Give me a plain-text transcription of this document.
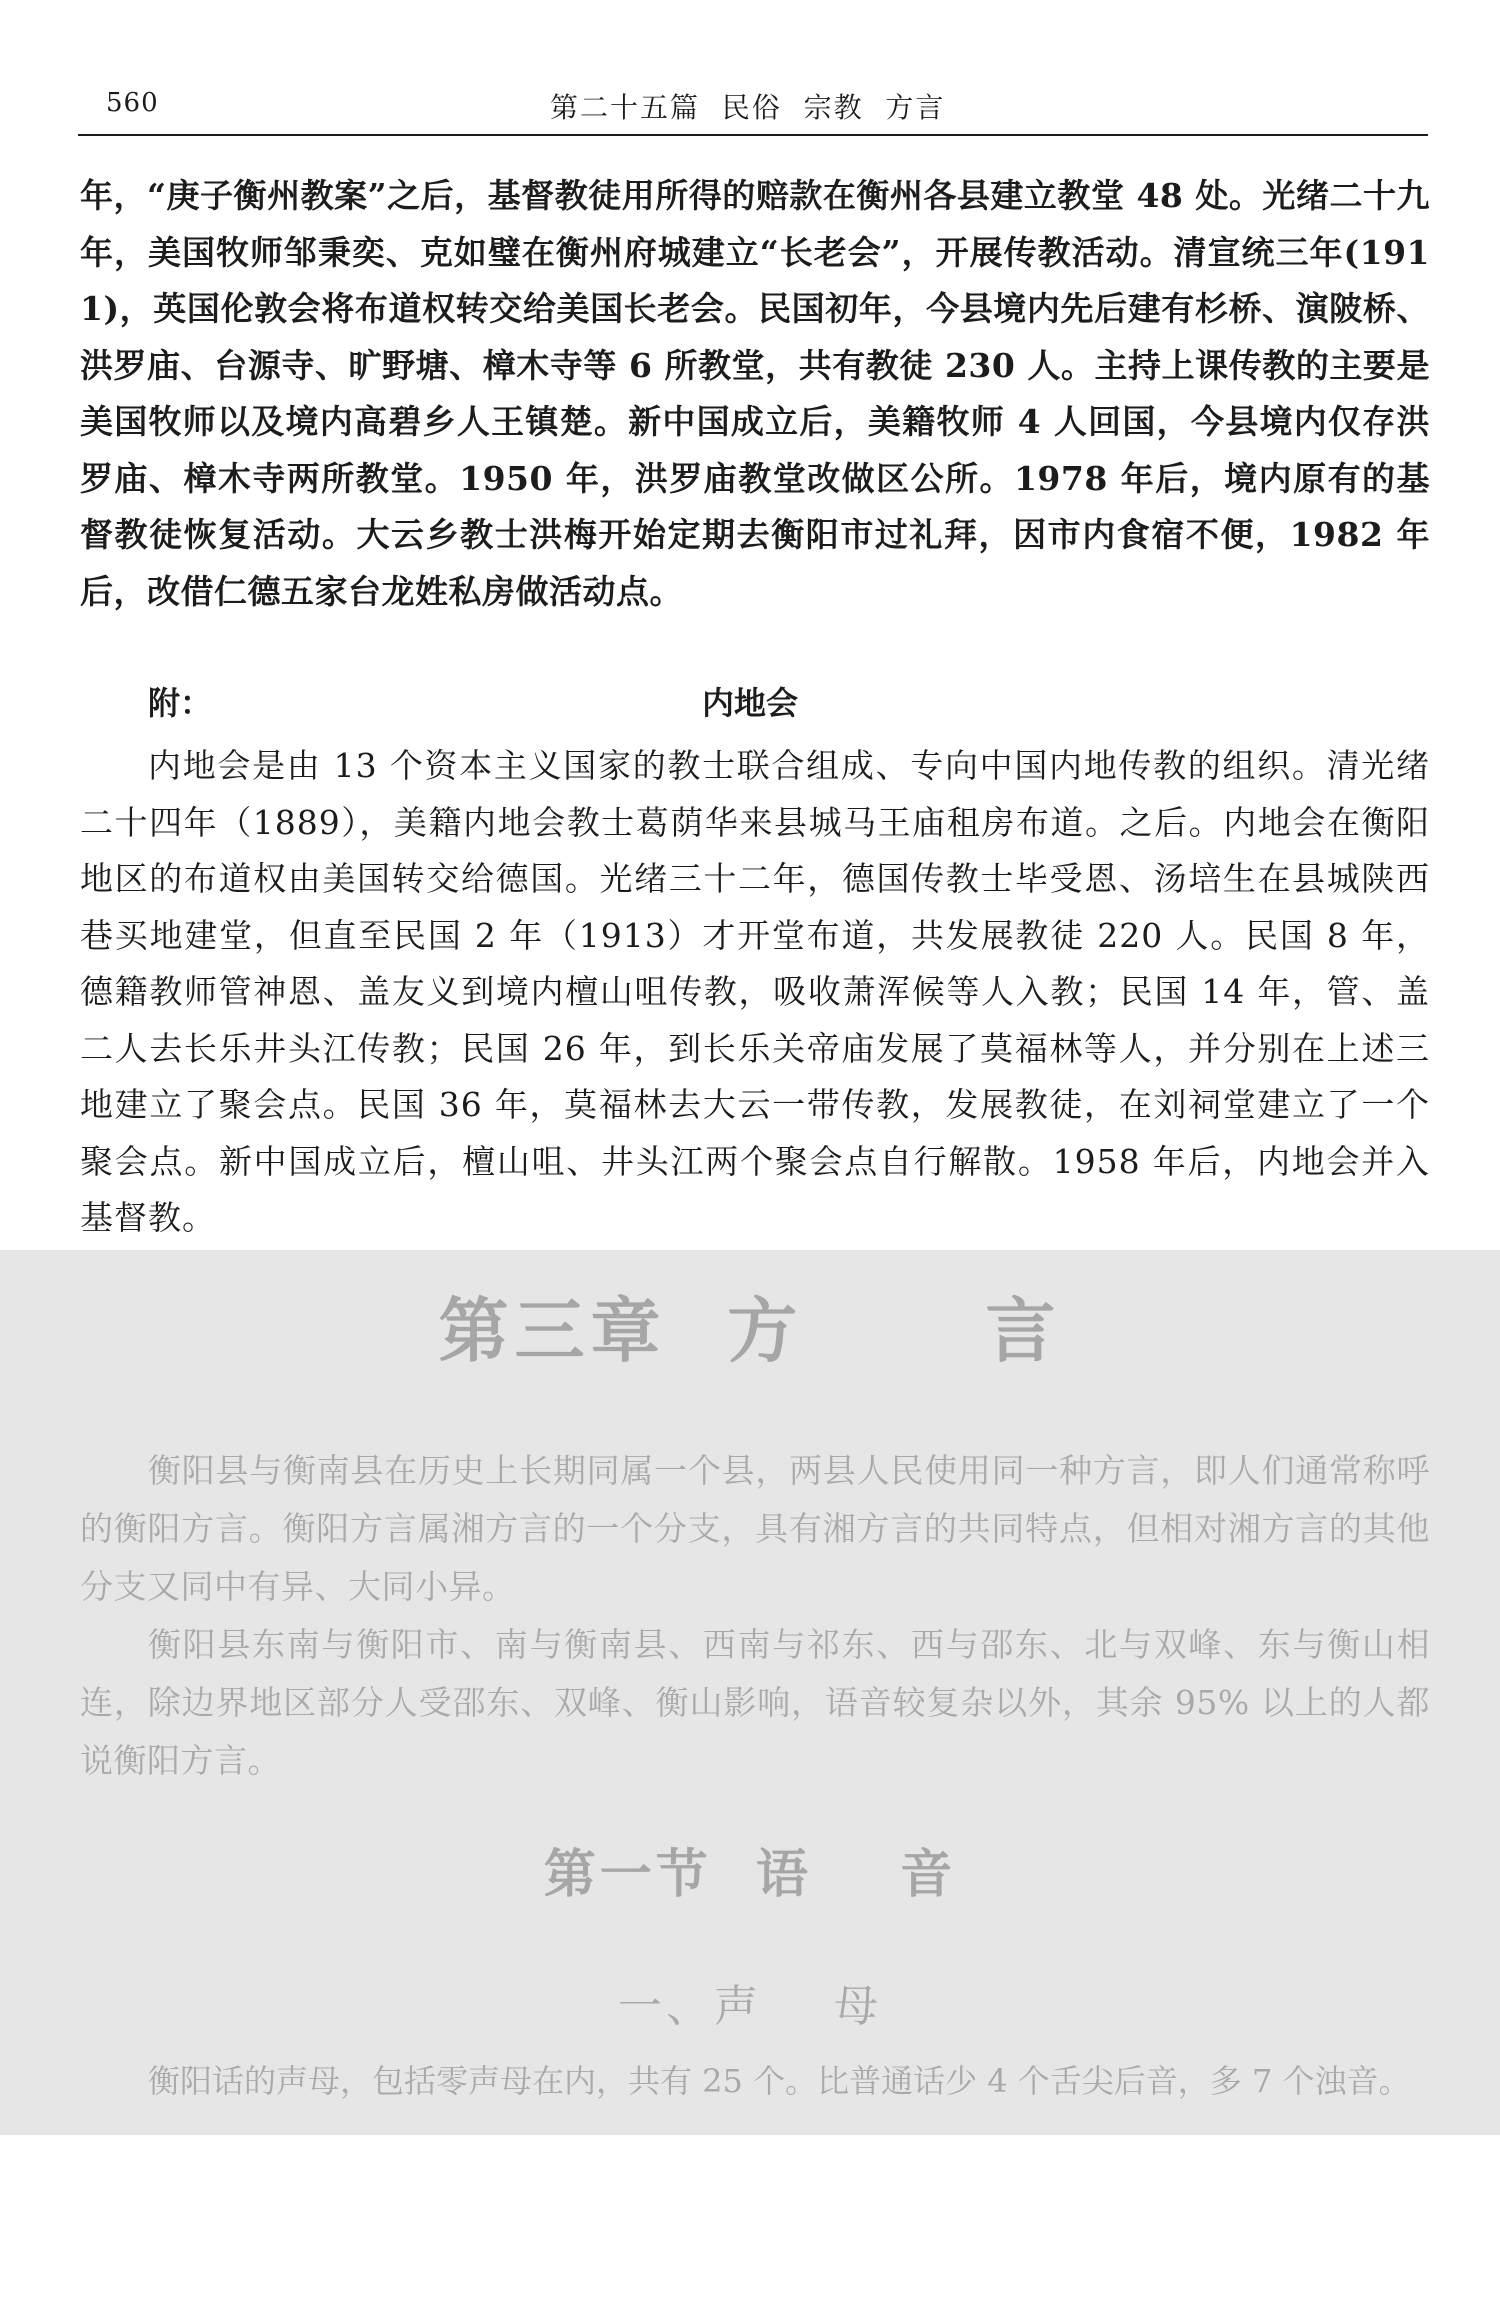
560	第二十五篇  民俗  宗教  方言
年，“庚子衡州教案”之后，基督教徒用所得的赔款在衡州各县建立教堂 48 处。光绪二十九年，美国牧师邹秉奕、克如璧在衡州府城建立“长老会”，开展传教活动。清宣统三年(1911)，英国伦敦会将布道权转交给美国长老会。民国初年，今县境内先后建有杉桥、演陂桥、洪罗庙、台源寺、旷野塘、樟木寺等 6 所教堂，共有教徒 230 人。主持上课传教的主要是美国牧师以及境内高碧乡人王镇楚。新中国成立后，美籍牧师 4 人回国，今县境内仅存洪罗庙、樟木寺两所教堂。1950 年，洪罗庙教堂改做区公所。1978 年后，境内原有的基督教徒恢复活动。大云乡教士洪梅开始定期去衡阳市过礼拜，因市内食宿不便，1982 年后，改借仁德五家台龙姓私房做活动点。
附：	内地会
内地会是由 13 个资本主义国家的教士联合组成、专向中国内地传教的组织。清光绪二十四年（1889），美籍内地会教士葛荫华来县城马王庙租房布道。之后。内地会在衡阳地区的布道权由美国转交给德国。光绪三十二年，德国传教士毕受恩、汤培生在县城陕西巷买地建堂，但直至民国 2 年（1913）才开堂布道，共发展教徒 220 人。民国 8 年，德籍教师管神恩、盖友义到境内檀山咀传教，吸收萧浑候等人入教；民国 14 年，管、盖二人去长乐井头江传教；民国 26 年，到长乐关帝庙发展了莫福林等人，并分别在上述三地建立了聚会点。民国 36 年，莫福林去大云一带传教，发展教徒，在刘祠堂建立了一个聚会点。新中国成立后，檀山咀、井头江两个聚会点自行解散。1958 年后，内地会并入基督教。
第三章  方      言
衡阳县与衡南县在历史上长期同属一个县，两县人民使用同一种方言，即人们通常称呼的衡阳方言。衡阳方言属湘方言的一个分支，具有湘方言的共同特点，但相对湘方言的其他分支又同中有异、大同小异。
衡阳县东南与衡阳市、南与衡南县、西南与祁东、西与邵东、北与双峰、东与衡山相连，除边界地区部分人受邵东、双峰、衡山影响，语音较复杂以外，其余 95% 以上的人都说衡阳方言。
第一节  语    音
一、声    母
衡阳话的声母，包括零声母在内，共有 25 个。比普通话少 4 个舌尖后音，多 7 个浊音。
